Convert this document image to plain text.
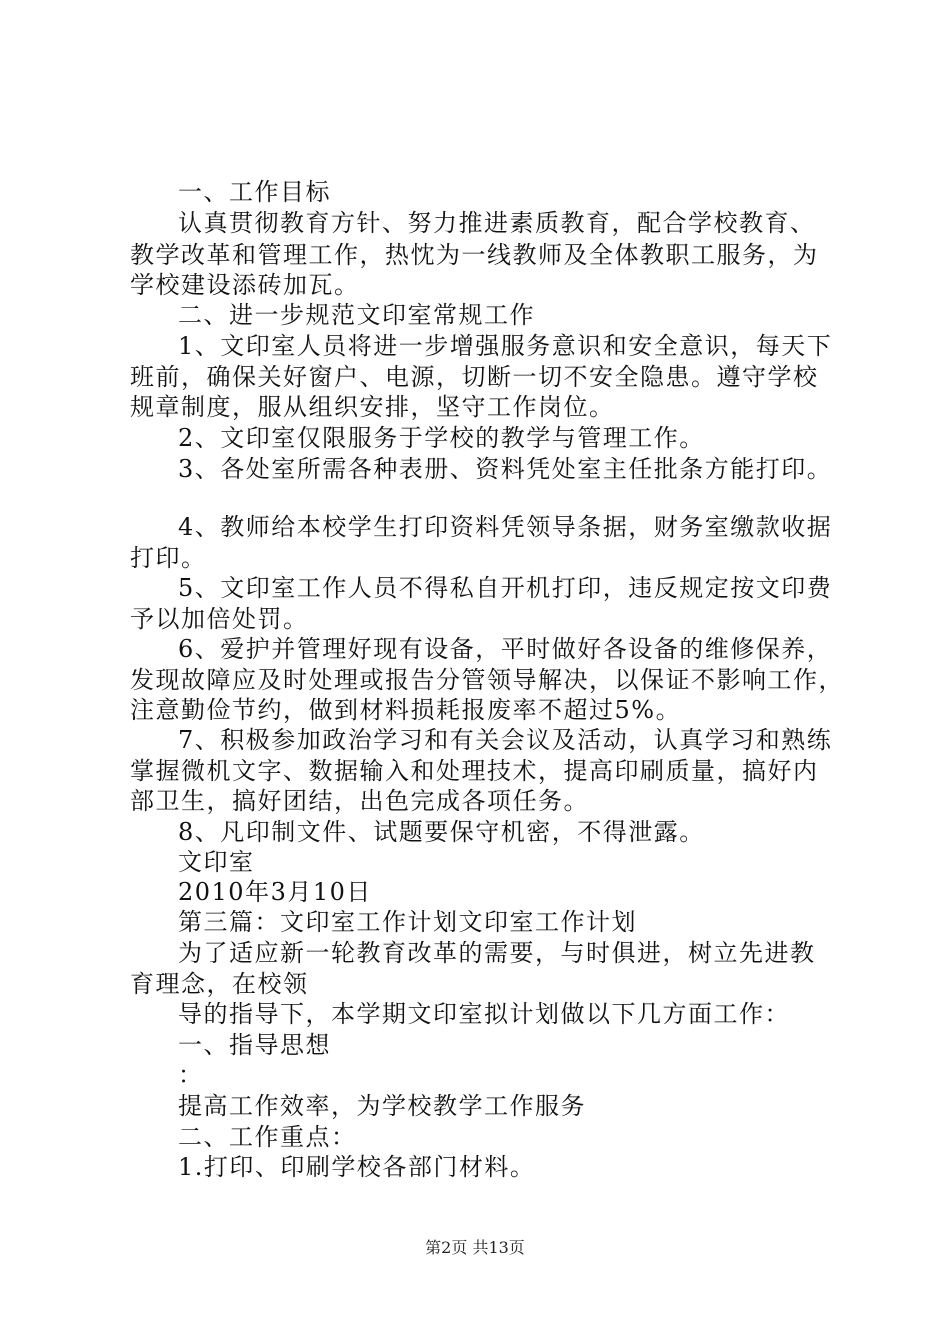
一、工作目标
认真贯彻教育方针、努力推进素质教育，配合学校教育、
教学改革和管理工作，热忱为一线教师及全体教职工服务，为
学校建设添砖加瓦。
二、进一步规范文印室常规工作
1、文印室人员将进一步增强服务意识和安全意识，每天下
班前，确保关好窗户、电源，切断一切不安全隐患。遵守学校
规章制度，服从组织安排，坚守工作岗位。
2、文印室仅限服务于学校的教学与管理工作。
3、各处室所需各种表册、资料凭处室主任批条方能打印。
4、教师给本校学生打印资料凭领导条据，财务室缴款收据
打印。
5、文印室工作人员不得私自开机打印，违反规定按文印费
予以加倍处罚。
6、爱护并管理好现有设备，平时做好各设备的维修保养，
发现故障应及时处理或报告分管领导解决，以保证不影响工作，
注意勤俭节约，做到材料损耗报废率不超过5%。
7、积极参加政治学习和有关会议及活动，认真学习和熟练
掌握微机文字、数据输入和处理技术，提高印刷质量，搞好内
部卫生，搞好团结，出色完成各项任务。
8、凡印制文件、试题要保守机密，不得泄露。
文印室
2010年3月10日
第三篇：文印室工作计划文印室工作计划
为了适应新一轮教育改革的需要，与时俱进，树立先进教
育理念，在校领
导的指导下，本学期文印室拟计划做以下几方面工作：
一、指导思想
：
提高工作效率，为学校教学工作服务
二、工作重点：
1.打印、印刷学校各部门材料。
第2页 共13页
